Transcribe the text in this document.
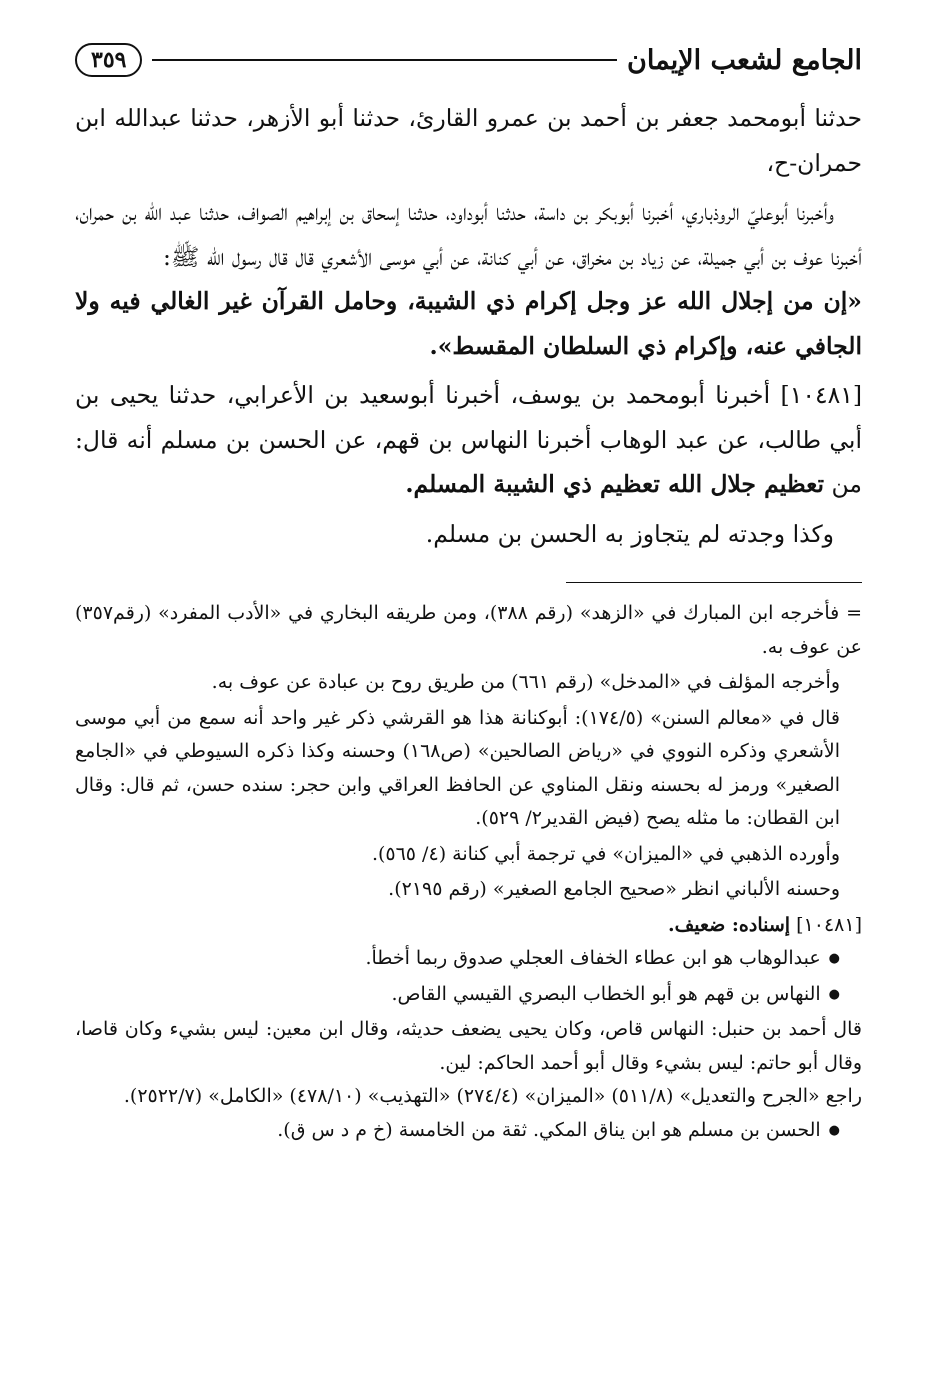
الجامع لشعب الإيمان
٣٥٩

حدثنا أبومحمد جعفر بن أحمد بن عمرو القارئ، حدثنا أبو الأزهر، حدثنا عبدالله ابن حمران-ح،

وأخبرنا أبوعليّ الروذباري، أخبرنا أبوبكر بن داسة، حدثنا أبوداود، حدثنا إسحاق بن إبراهيم الصواف، حدثنا عبد الله بن حمران، أخبرنا عوف بن أبي جميلة، عن زياد بن مخراق، عن أبي كنانة، عن أبي موسى الأشعري قال قال رسول الله ﷺ:
«إن من إجلال الله عز وجل إكرام ذي الشيبة، وحامل القرآن غير الغالي فيه ولا الجافي عنه، وإكرام ذي السلطان المقسط».

[١٠٤٨١] أخبرنا أبومحمد بن يوسف، أخبرنا أبوسعيد بن الأعرابي، حدثنا يحيى بن أبي طالب، عن عبد الوهاب أخبرنا النهاس بن قهم، عن الحسن بن مسلم أنه قال: من تعظيم جلال الله تعظيم ذي الشيبة المسلم.

وكذا وجدته لم يتجاوز به الحسن بن مسلم.

= فأخرجه ابن المبارك في «الزهد» (رقم ٣٨٨)، ومن طريقه البخاري في «الأدب المفرد» (رقم٣٥٧) عن عوف به.

وأخرجه المؤلف في «المدخل» (رقم ٦٦١) من طريق روح بن عبادة عن عوف به.

قال في «معالم السنن» (١٧٤/٥): أبوكنانة هذا هو القرشي ذكر غير واحد أنه سمع من أبي موسى الأشعري وذكره النووي في «رياض الصالحين» (ص١٦٨) وحسنه وكذا ذكره السيوطي في «الجامع الصغير» ورمز له بحسنه ونقل المناوي عن الحافظ العراقي وابن حجر: سنده حسن، ثم قال: وقال ابن القطان: ما مثله يصح (فيض القدير٢/ ٥٢٩).

وأورده الذهبي في «الميزان» في ترجمة أبي كنانة (٤/ ٥٦٥).

وحسنه الألباني انظر «صحيح الجامع الصغير» (رقم ٢١٩٥).

[١٠٤٨١] إسناده: ضعيف.

● عبدالوهاب هو ابن عطاء الخفاف العجلي صدوق ربما أخطأ.

● النهاس بن قهم هو أبو الخطاب البصري القيسي القاص.

قال أحمد بن حنبل: النهاس قاص، وكان يحيى يضعف حديثه، وقال ابن معين: ليس بشيء وكان قاصا، وقال أبو حاتم: ليس بشيء وقال أبو أحمد الحاكم: لين.

راجع «الجرح والتعديل» (٥١١/٨) «الميزان» (٢٧٤/٤) «التهذيب» (٤٧٨/١٠) «الكامل» (٢٥٢٢/٧).

● الحسن بن مسلم هو ابن يناق المكي. ثقة من الخامسة (خ م د س ق).
